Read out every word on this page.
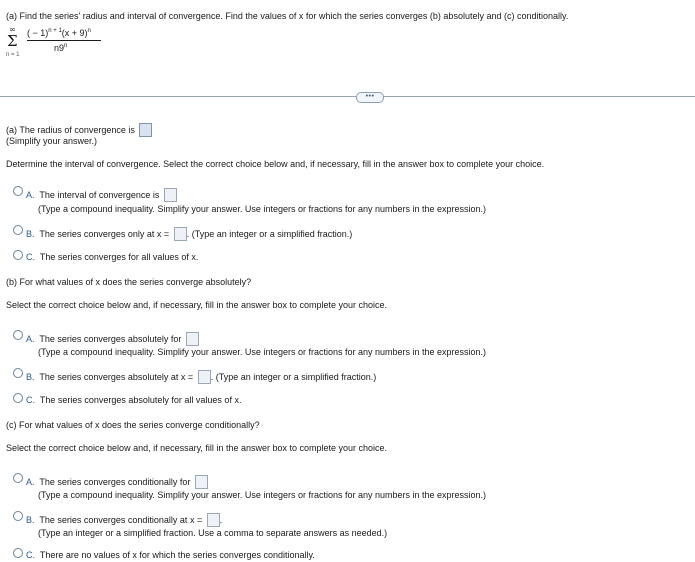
(a) Find the series' radius and interval of convergence. Find the values of x for which the series converges (b) absolutely and (c) conditionally.
∞
Σ
n = 1
( − $1)^{n + 1}(x + 9)^n$
n9$^n$
•••
(a) The radius of convergence is
(Simplify your answer.)
Determine the interval of convergence. Select the correct choice below and, if necessary, fill in the answer box to complete your choice.
A. The interval of convergence is
(Type a compound inequality. Simplify your answer. Use integers or fractions for any numbers in the expression.)
B. The series converges only at x = . (Type an integer or a simplified fraction.)
C. The series converges for all values of x.
(b) For what values of x does the series converge absolutely?
Select the correct choice below and, if necessary, fill in the answer box to complete your choice.
A. The series converges absolutely for
(Type a compound inequality. Simplify your answer. Use integers or fractions for any numbers in the expression.)
B. The series converges absolutely at x = . (Type an integer or a simplified fraction.)
C. The series converges absolutely for all values of x.
(c) For what values of x does the series converge conditionally?
Select the correct choice below and, if necessary, fill in the answer box to complete your choice.
A. The series converges conditionally for
(Type a compound inequality. Simplify your answer. Use integers or fractions for any numbers in the expression.)
B. The series converges conditionally at x = .
(Type an integer or a simplified fraction. Use a comma to separate answers as needed.)
C. There are no values of x for which the series converges conditionally.
